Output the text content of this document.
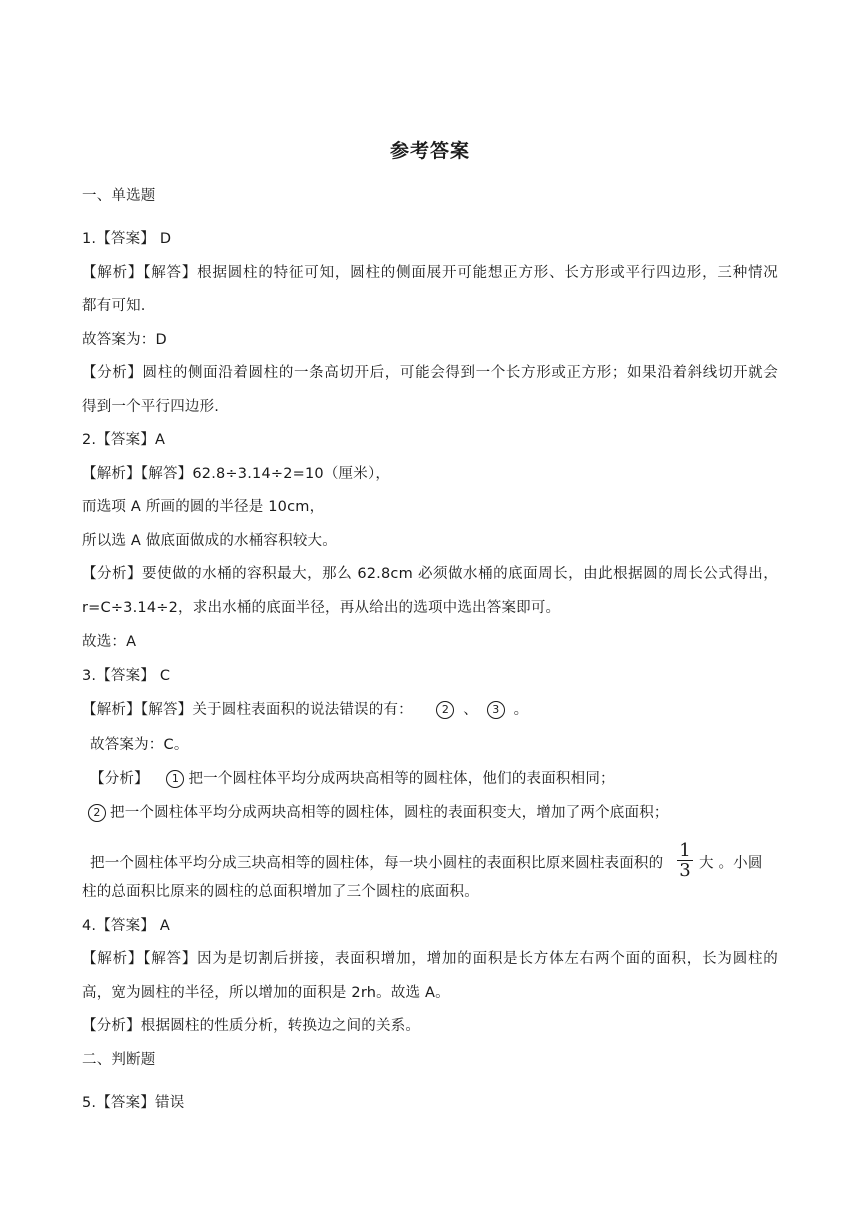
参考答案
一、单选题
1.【答案】 D
【解析】【解答】根据圆柱的特征可知，圆柱的侧面展开可能想正方形、长方形或平行四边形，三种情况
都有可知.
故答案为：D
【分析】圆柱的侧面沿着圆柱的一条高切开后，可能会得到一个长方形或正方形；如果沿着斜线切开就会
得到一个平行四边形.
2.【答案】A
【解析】【解答】62.8÷3.14÷2=10（厘米），
而选项 A 所画的圆的半径是 10cm，
所以选 A 做底面做成的水桶容积较大。
【分析】要使做的水桶的容积最大，那么 62.8cm 必须做水桶的底面周长，由此根据圆的周长公式得出，
r=C÷3.14÷2，求出水桶的底面半径，再从给出的选项中选出答案即可。
故选：A
3.【答案】 C
【解析】【解答】关于圆柱表面积的说法错误的有：	2 、 3 。
故答案为：C。
【分析】 1 把一个圆柱体平均分成两块高相等的圆柱体，他们的表面积相同；
2 把一个圆柱体平均分成两块高相等的圆柱体，圆柱的表面积变大，增加了两个底面积；
把一个圆柱体平均分成三块高相等的圆柱体，每一块小圆柱的表面积比原来圆柱表面积的 $\frac{1}{3}$ 大 。小圆
柱的总面积比原来的圆柱的总面积增加了三个圆柱的底面积。
4.【答案】 A
【解析】【解答】因为是切割后拼接，表面积增加，增加的面积是长方体左右两个面的面积，长为圆柱的
高，宽为圆柱的半径，所以增加的面积是 2rh。故选 A。
【分析】根据圆柱的性质分析，转换边之间的关系。
二、判断题
5.【答案】错误
